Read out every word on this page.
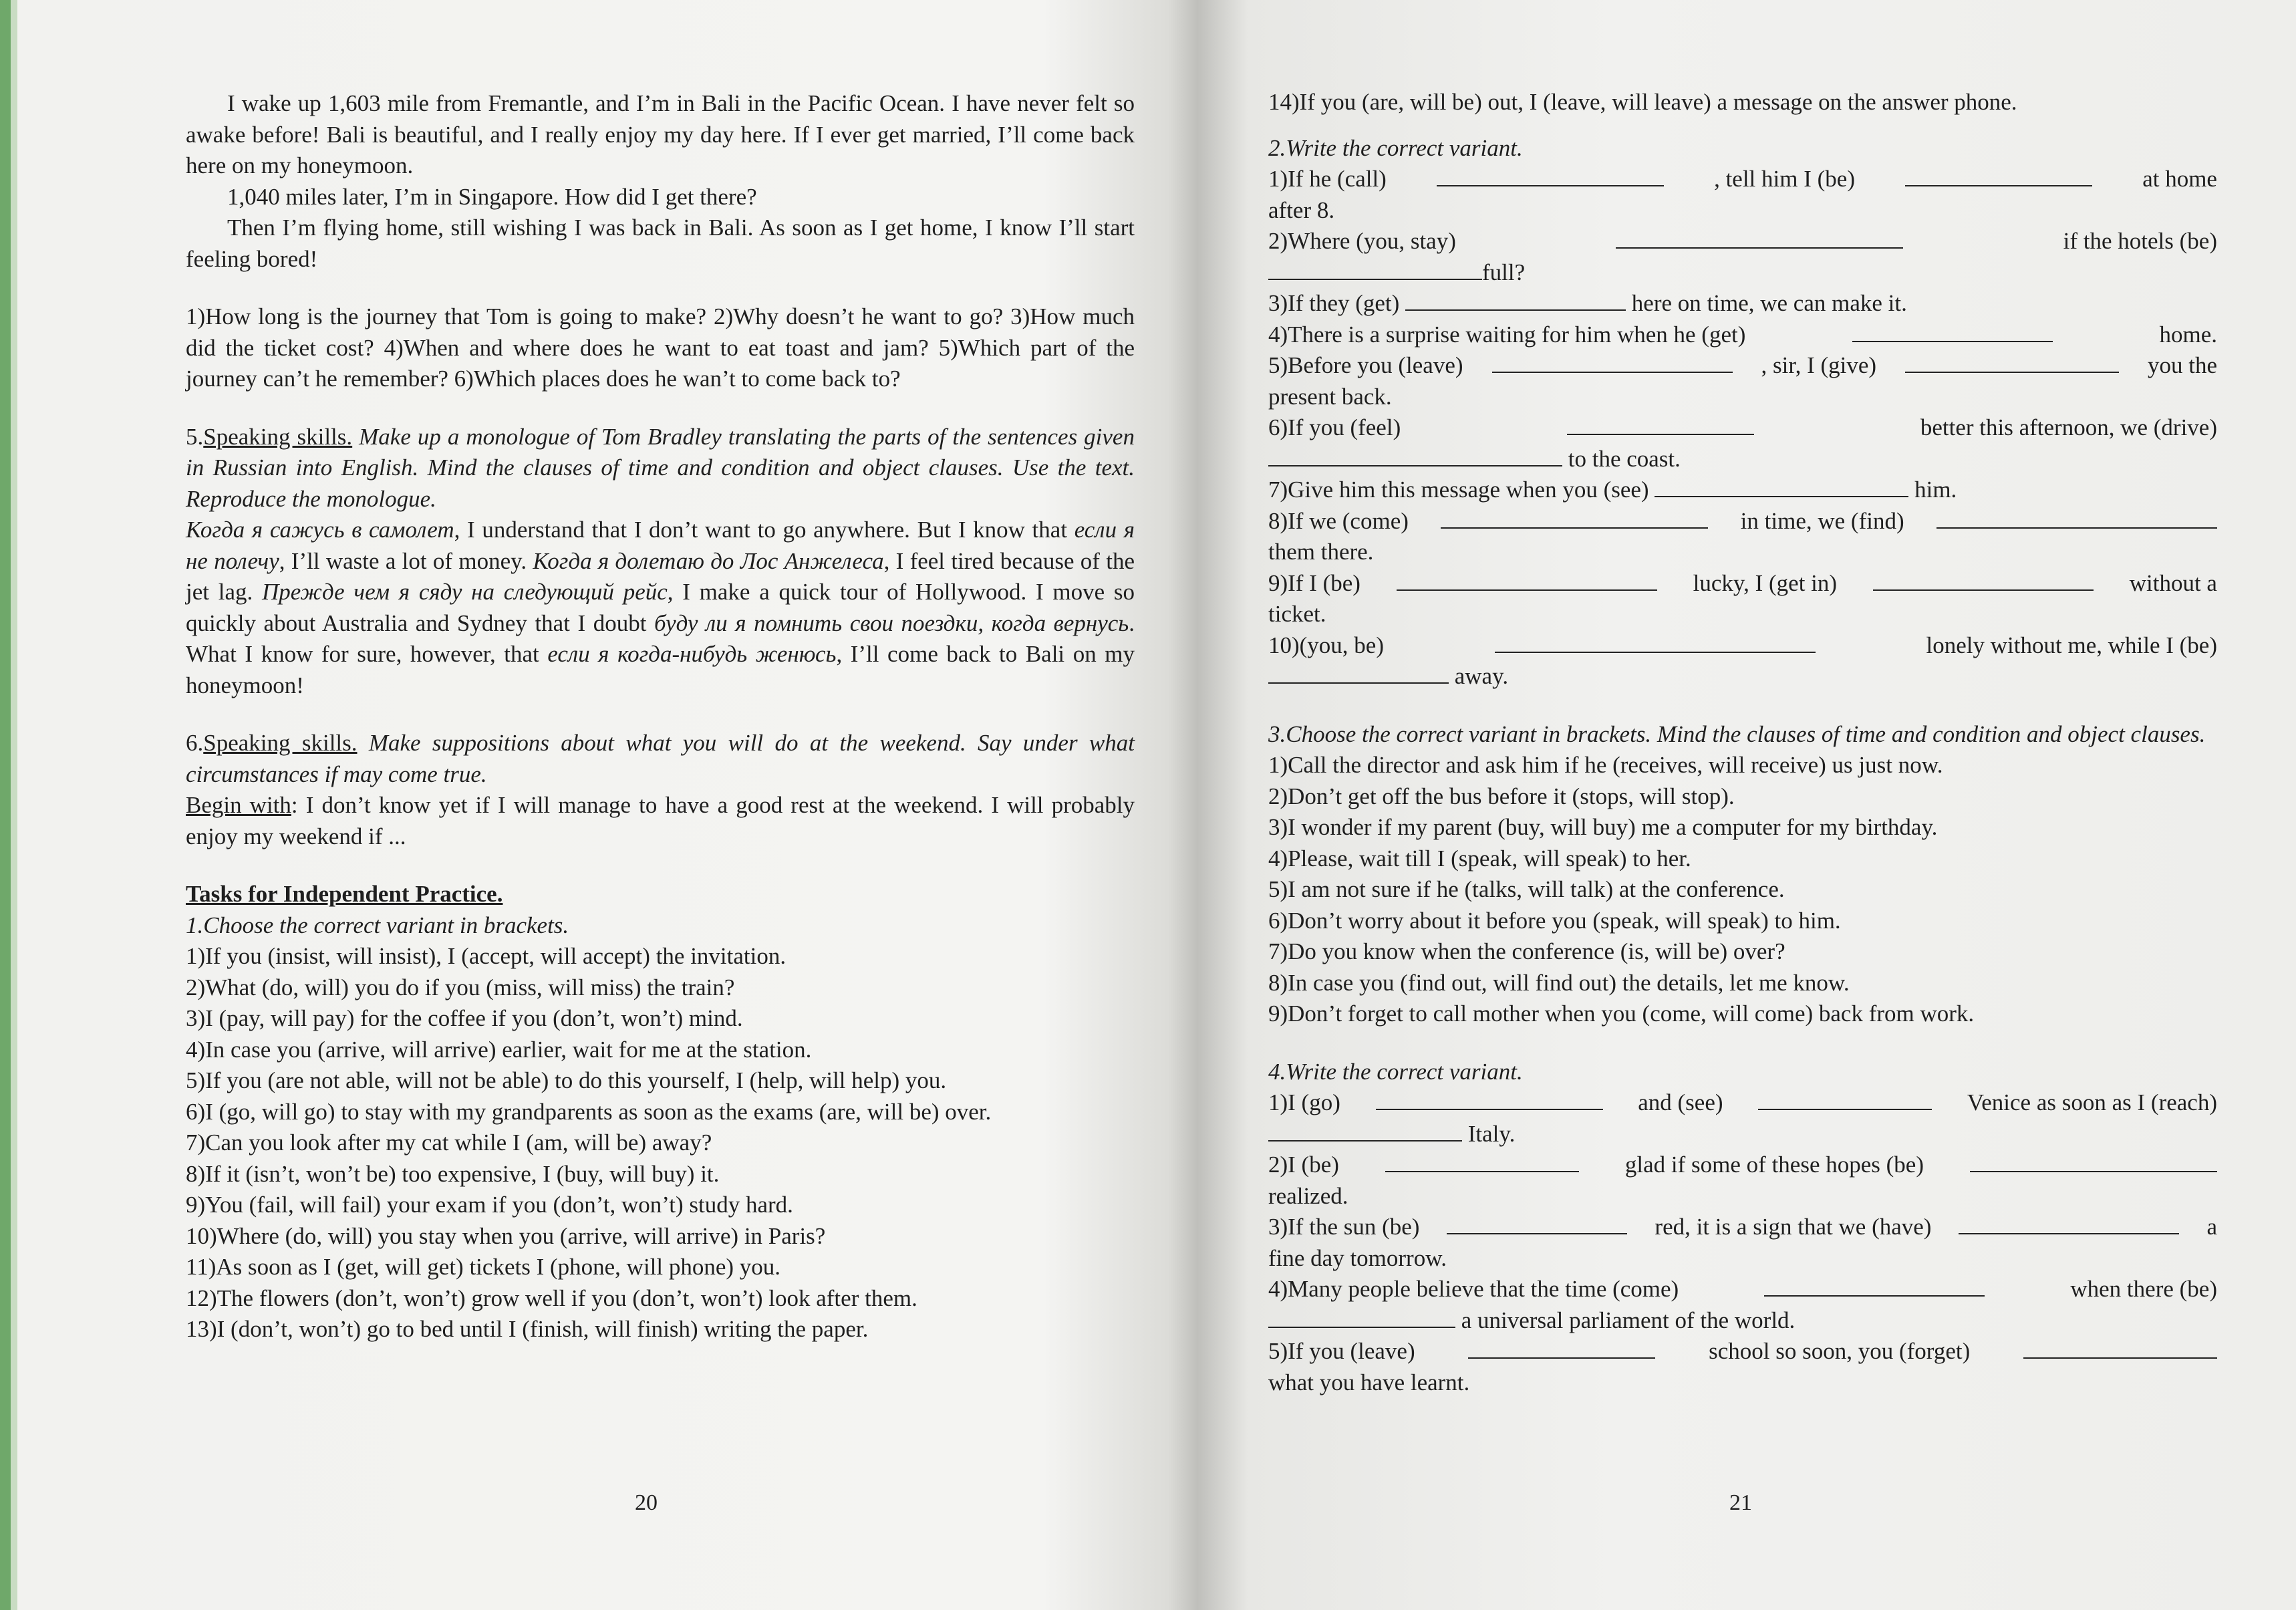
I wake up 1,603 mile from Fremantle, and I’m in Bali in the Pacific Ocean. I have never felt so awake before! Bali is beautiful, and I really enjoy my day here. If I ever get married, I’ll come back here on my honeymoon.

1,040 miles later, I’m in Singapore. How did I get there?

Then I’m flying home, still wishing I was back in Bali. As soon as I get home, I know I’ll start feeling bored!

1)How long is the journey that Tom is going to make? 2)Why doesn’t he want to go? 3)How much did the ticket cost? 4)When and where does he want to eat toast and jam? 5)Which part of the journey can’t he remember? 6)Which places does he wan’t to come back to?

5.Speaking skills. Make up a monologue of Tom Bradley translating the parts of the sentences given in Russian into English. Mind the clauses of time and condition and object clauses. Use the text. Reproduce the monologue.

Когда я сажусь в самолет, I understand that I don’t want to go anywhere. But I know that если я не полечу, I’ll waste a lot of money. Когда я долетаю до Лос Анжелеса, I feel tired because of the jet lag. Прежде чем я сяду на следующий рейс, I make a quick tour of Hollywood. I move so quickly about Australia and Sydney that I doubt буду ли я помнить свои поездки, когда вернусь. What I know for sure, however, that если я когда-нибудь женюсь, I’ll come back to Bali on my honeymoon!

6.Speaking skills. Make suppositions about what you will do at the weekend. Say under what circumstances if may come true.

Begin with: I don’t know yet if I will manage to have a good rest at the weekend. I will probably enjoy my weekend if ...

Tasks for Independent Practice.

1.Choose the correct variant in brackets.

1)If you (insist, will insist), I (accept, will accept) the invitation.

2)What (do, will) you do if you (miss, will miss) the train?

3)I (pay, will pay) for the coffee if you (don’t, won’t) mind.

4)In case you (arrive, will arrive) earlier, wait for me at the station.

5)If you (are not able, will not be able) to do this yourself, I (help, will help) you.

6)I (go, will go) to stay with my grandparents as soon as the exams (are, will be) over.

7)Can you look after my cat while I (am, will be) away?

8)If it (isn’t, won’t be) too expensive, I (buy, will buy) it.

9)You (fail, will fail) your exam if you (don’t, won’t) study hard.

10)Where (do, will) you stay when you (arrive, will arrive) in Paris?

11)As soon as I (get, will get) tickets I (phone, will phone) you.

12)The flowers (don’t, won’t) grow well if you (don’t, won’t) look after them.

13)I (don’t, won’t) go to bed until I (finish, will finish) writing the paper.

20

14)If you (are, will be) out, I (leave, will leave) a message on the answer phone.

2.Write the correct variant.

1)If he (call)	, tell him I (be)	at home

after 8.

2)Where (you, stay)	if the hotels (be)

full?

3)If they (get)	here on time, we can make it.

4)There is a surprise waiting for him when he (get)	home.
5)Before you (leave)	, sir, I (give)	you the

present back.

6)If you (feel)	better this afternoon, we (drive)

to the coast.

7)Give him this message when you (see)	him.

8)If we (come)	in time, we (find)

them there.

9)If I (be)	lucky, I (get in)	without a

ticket.

10)(you, be)	lonely without me, while I (be)

away.

3.Choose the correct variant in brackets. Mind the clauses of time and condition and object clauses.

1)Call the director and ask him if he (receives, will receive) us just now.

2)Don’t get off the bus before it (stops, will stop).

3)I wonder if my parent (buy, will buy) me a computer for my birthday.

4)Please, wait till I (speak, will speak) to her.

5)I am not sure if he (talks, will talk) at the conference.

6)Don’t worry about it before you (speak, will speak) to him.

7)Do you know when the conference (is, will be) over?

8)In case you (find out, will find out) the details, let me know.

9)Don’t forget to call mother when you (come, will come) back from work.

4.Write the correct variant.

1)I (go)	and (see)	Venice as soon as I (reach)

Italy.

2)I (be)	glad if some of these hopes (be)

realized.

3)If the sun (be)	red, it is a sign that we (have)	a

fine day tomorrow.

4)Many people believe that the time (come)	when there (be)

a universal parliament of the world.

5)If you (leave)	school so soon, you (forget)

what you have learnt.

21
